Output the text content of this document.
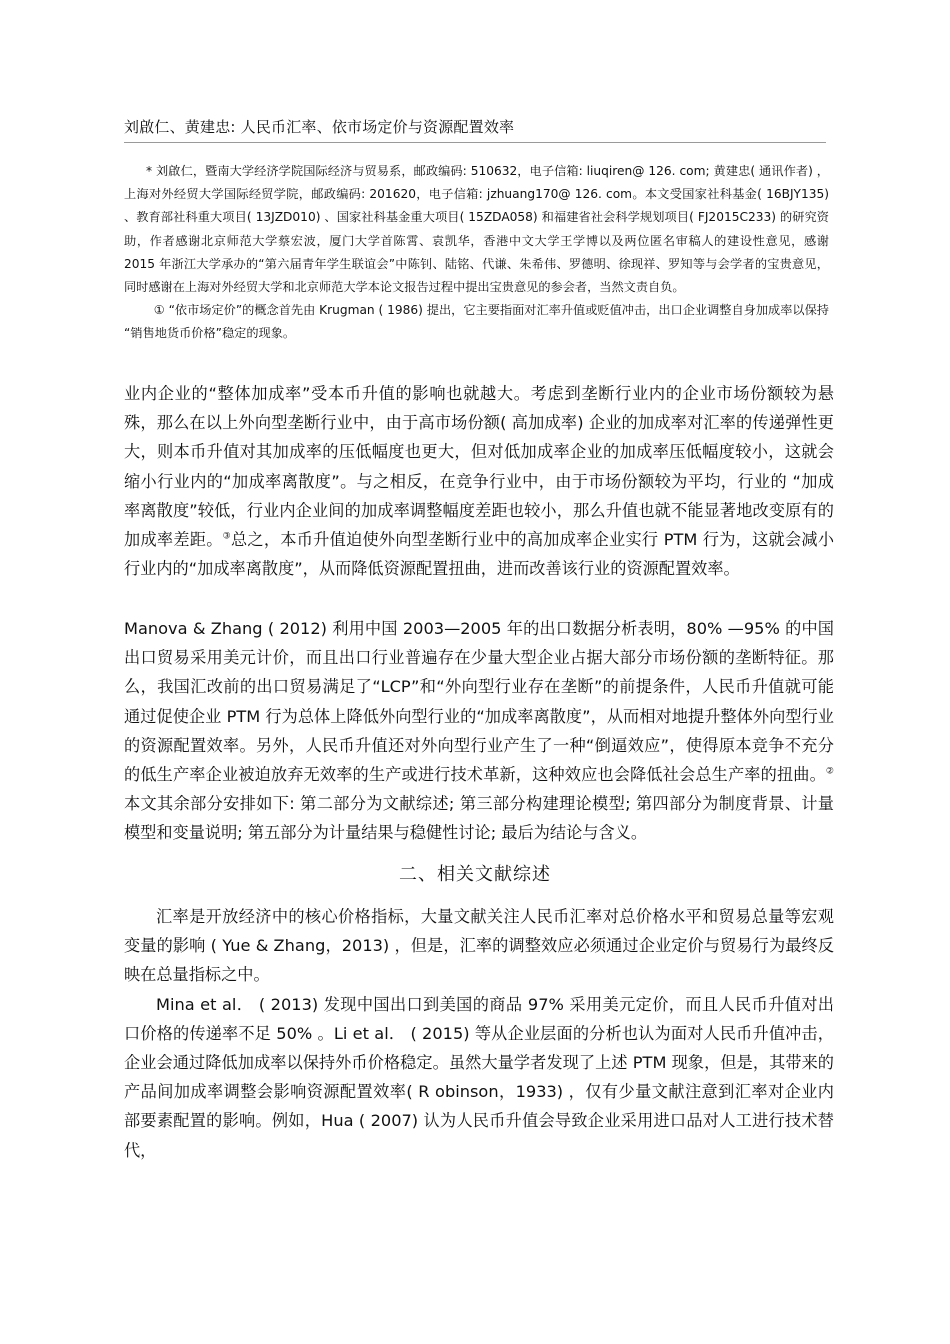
刘啟仁、黄建忠: 人民币汇率、依市场定价与资源配置效率

* 刘啟仁，暨南大学经济学院国际经济与贸易系，邮政编码: 510632，电子信箱: liuqiren@ 126. com; 黄建忠( 通讯作者) ，上海对外经贸大学国际经贸学院，邮政编码: 201620，电子信箱: jzhuang170@ 126. com。本文受国家社科基金( 16BJY135) 、教育部社科重大项目( 13JZD010) 、国家社科基金重大项目( 15ZDA058) 和福建省社会科学规划项目( FJ2015C233) 的研究资助，作者感谢北京师范大学蔡宏波，厦门大学首陈霄、袁凯华，香港中文大学王学博以及两位匿名审稿人的建设性意见，感谢 2015 年浙江大学承办的“第六届青年学生联谊会”中陈钊、陆铭、代谦、朱希伟、罗德明、徐现祥、罗知等与会学者的宝贵意见，同时感谢在上海对外经贸大学和北京师范大学本论文报告过程中提出宝贵意见的参会者，当然文责自负。

① “依市场定价”的概念首先由 Krugman ( 1986) 提出，它主要指面对汇率升值或贬值冲击，出口企业调整自身加成率以保持
“销售地货币价格”稳定的现象。

业内企业的“整体加成率”受本币升值的影响也就越大。考虑到垄断行业内的企业市场份额较为悬殊，那么在以上外向型垄断行业中，由于高市场份额( 高加成率) 企业的加成率对汇率的传递弹性更大，则本币升值对其加成率的压低幅度也更大，但对低加成率企业的加成率压低幅度较小，这就会缩小行业内的“加成率离散度”。与之相反，在竞争行业中，由于市场份额较为平均，行业的 “加成率离散度”较低，行业内企业间的加成率调整幅度差距也较小，那么升值也就不能显著地改变原有的加成率差距。③总之，本币升值迫使外向型垄断行业中的高加成率企业实行 PTM 行为，这就会减小行业内的“加成率离散度”，从而降低资源配置扭曲，进而改善该行业的资源配置效率。

Manova & Zhang ( 2012) 利用中国 2003—2005 年的出口数据分析表明，80% —95% 的中国出口贸易采用美元计价，而且出口行业普遍存在少量大型企业占据大部分市场份额的垄断特征。那么，我国汇改前的出口贸易满足了“LCP”和“外向型行业存在垄断”的前提条件，人民币升值就可能通过促使企业 PTM 行为总体上降低外向型行业的“加成率离散度”，从而相对地提升整体外向型行业的资源配置效率。另外，人民币升值还对外向型行业产生了一种“倒逼效应”，使得原本竞争不充分的低生产率企业被迫放弃无效率的生产或进行技术革新，这种效应也会降低社会总生产率的扭曲。② 本文其余部分安排如下: 第二部分为文献综述; 第三部分构建理论模型; 第四部分为制度背景、计量模型和变量说明; 第五部分为计量结果与稳健性讨论; 最后为结论与含义。

二、相关文献综述

汇率是开放经济中的核心价格指标，大量文献关注人民币汇率对总价格水平和贸易总量等宏观变量的影响 ( Yue & Zhang，2013) ，但是，汇率的调整效应必须通过企业定价与贸易行为最终反映在总量指标之中。

Mina et al． ( 2013) 发现中国出口到美国的商品 97% 采用美元定价，而且人民币升值对出口价格的传递率不足 50% 。Li et al． ( 2015) 等从企业层面的分析也认为面对人民币升值冲击，企业会通过降低加成率以保持外币价格稳定。虽然大量学者发现了上述 PTM 现象，但是，其带来的产品间加成率调整会影响资源配置效率( R obinson，1933) ，仅有少量文献注意到汇率对企业内部要素配置的影响。例如，Hua ( 2007) 认为人民币升值会导致企业采用进口品对人工进行技术替代，
